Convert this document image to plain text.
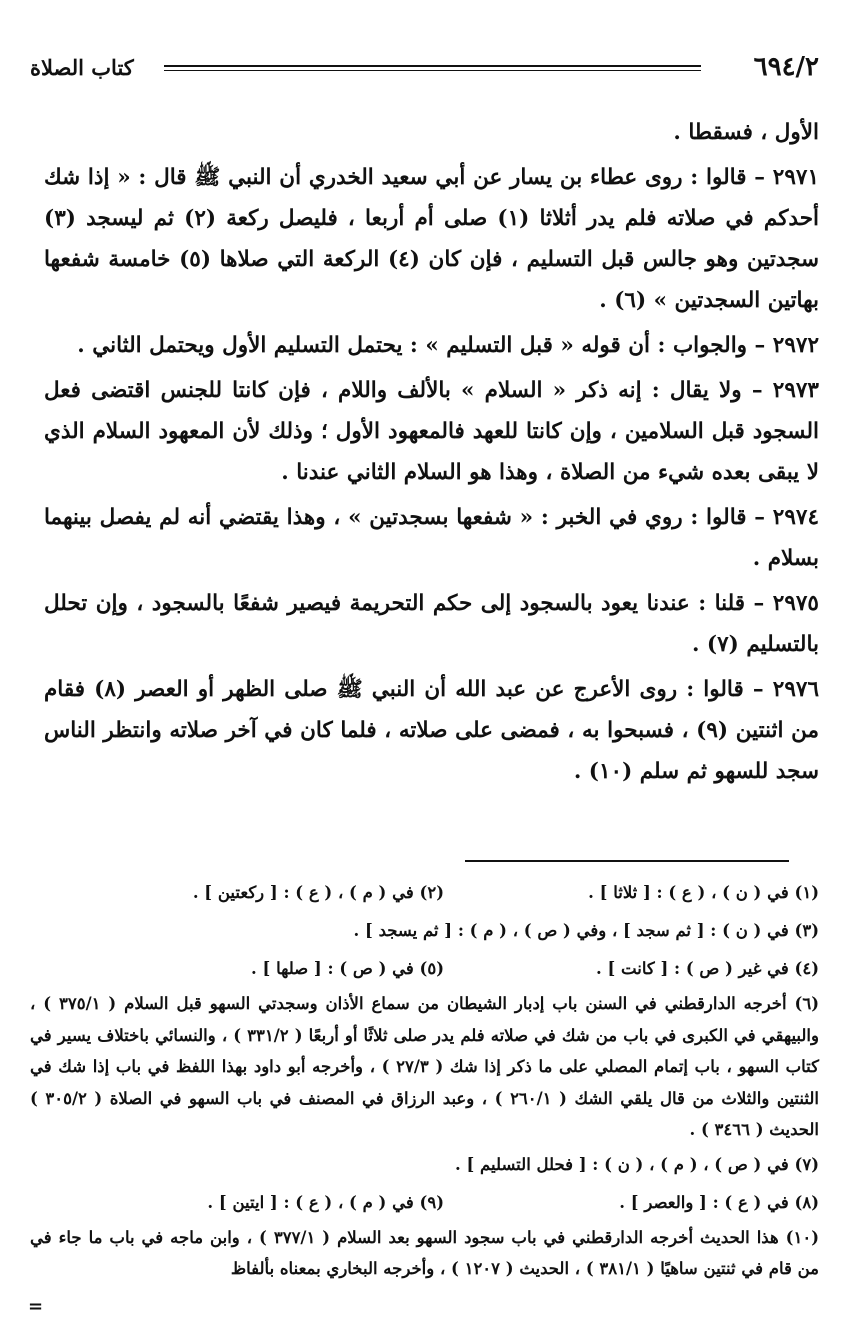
٦٩٤/٢
كتاب الصلاة

الأول ، فسقطا .

٢٩٧١ – قالوا : روى عطاء بن يسار عن أبي سعيد الخدري أن النبي ﷺ قال : « إذا شك أحدكم في صلاته فلم يدر أثلاثا (١) صلى أم أربعا ، فليصل ركعة (٢) ثم ليسجد (٣) سجدتين وهو جالس قبل التسليم ، فإن كان (٤) الركعة التي صلاها (٥) خامسة شفعها بهاتين السجدتين » (٦) .

٢٩٧٢ – والجواب : أن قوله « قبل التسليم » : يحتمل التسليم الأول ويحتمل الثاني .

٢٩٧٣ – ولا يقال : إنه ذكر « السلام » بالألف واللام ، فإن كانتا للجنس اقتضى فعل السجود قبل السلامين ، وإن كانتا للعهد فالمعهود الأول ؛ وذلك لأن المعهود السلام الذي لا يبقى بعده شيء من الصلاة ، وهذا هو السلام الثاني عندنا .

٢٩٧٤ – قالوا : روي في الخبر : « شفعها بسجدتين » ، وهذا يقتضي أنه لم يفصل بينهما بسلام .

٢٩٧٥ – قلنا : عندنا يعود بالسجود إلى حكم التحريمة فيصير شفعًا بالسجود ، وإن تحلل بالتسليم (٧) .

٢٩٧٦ – قالوا : روى الأعرج عن عبد الله أن النبي ﷺ صلى الظهر أو العصر (٨) فقام من اثنتين (٩) ، فسبحوا به ، فمضى على صلاته ، فلما كان في آخر صلاته وانتظر الناس سجد للسهو ثم سلم (١٠) .

(١) في ( ن ) ، ( ع ) : [ ثلاثا ] .
(٢) في ( م ) ، ( ع ) : [ ركعتين ] .
(٣) في ( ن ) : [ ثم سجد ] ، وفي ( ص ) ، ( م ) : [ ثم يسجد ] .
(٤) في غير ( ص ) : [ كانت ] .
(٥) في ( ص ) : [ صلها ] .

(٦) أخرجه الدارقطني في السنن باب إدبار الشيطان من سماع الأذان وسجدتي السهو قبل السلام ( ٣٧٥/١ ) ، والبيهقي في الكبرى في باب من شك في صلاته فلم يدر صلى ثلاثًا أو أربعًا ( ٣٣١/٢ ) ، والنسائي باختلاف يسير في كتاب السهو ، باب إتمام المصلي على ما ذكر إذا شك ( ٢٧/٣ ) ، وأخرجه أبو داود بهذا اللفظ في باب إذا شك في الثنتين والثلاث من قال يلقي الشك ( ٢٦٠/١ ) ، وعبد الرزاق في المصنف في باب السهو في الصلاة ( ٣٠٥/٢ ) الحديث ( ٣٤٦٦ ) .

(٧) في ( ص ) ، ( م ) ، ( ن ) : [ فحلل التسليم ] .
(٨) في ( ع ) : [ والعصر ] .
(٩) في ( م ) ، ( ع ) : [ ايتين ] .

(١٠) هذا الحديث أخرجه الدارقطني في باب سجود السهو بعد السلام ( ٣٧٧/١ ) ، وابن ماجه في باب ما جاء في من قام في ثنتين ساهيًا ( ٣٨١/١ ) ، الحديث ( ١٢٠٧ ) ، وأخرجه البخاري بمعناه بألفاظ

=
